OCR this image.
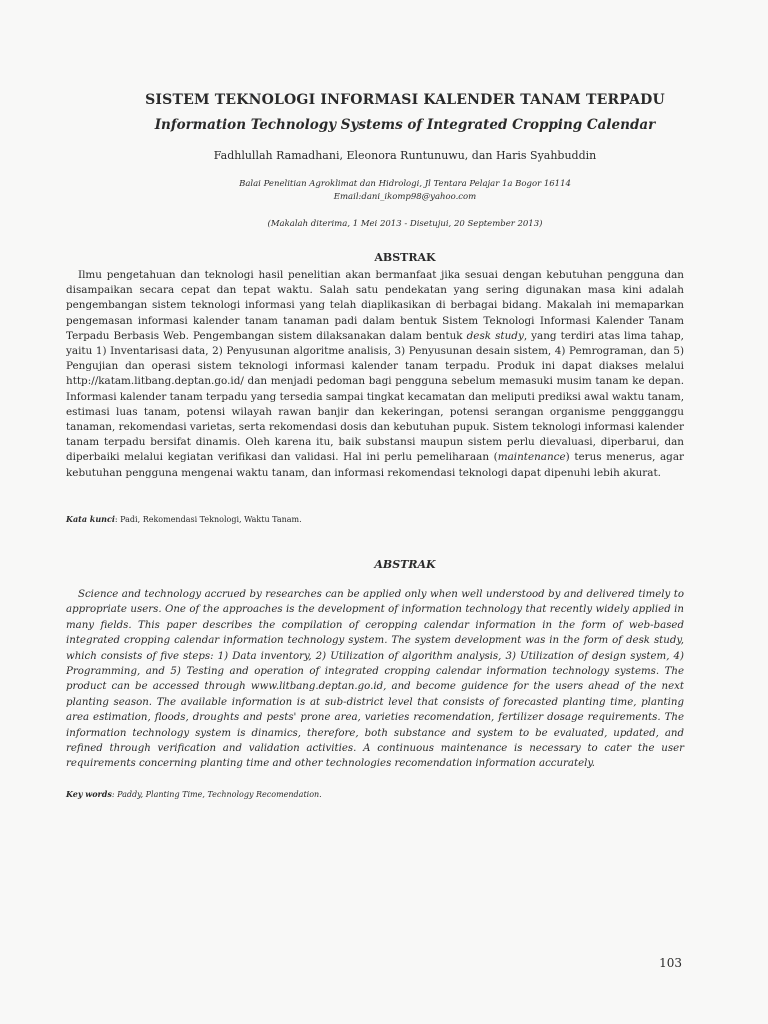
SISTEM TEKNOLOGI INFORMASI KALENDER TANAM TERPADU
Information Technology Systems of Integrated Cropping Calendar
Fadhlullah Ramadhani, Eleonora Runtunuwu, dan Haris Syahbuddin
Balai Penelitian Agroklimat dan Hidrologi, Jl Tentara Pelajar 1a Bogor 16114
Email:dani_ikomp98@yahoo.com
(Makalah diterima, 1 Mei 2013 - Disetujui, 20 September 2013)
ABSTRAK

Ilmu pengetahuan dan teknologi hasil penelitian akan bermanfaat jika sesuai dengan kebutuhan pengguna dan disampaikan secara cepat dan tepat waktu. Salah satu pendekatan yang sering digunakan masa kini adalah pengembangan sistem teknologi informasi yang telah diaplikasikan di berbagai bidang. Makalah ini memaparkan pengemasan informasi kalender tanam tanaman padi dalam bentuk Sistem Teknologi Informasi Kalender Tanam Terpadu Berbasis Web. Pengembangan sistem dilaksanakan dalam bentuk desk study, yang terdiri atas lima tahap, yaitu 1) Inventarisasi data, 2) Penyusunan algoritme analisis, 3) Penyusunan desain sistem, 4) Pemrograman, dan 5) Pengujian dan operasi sistem teknologi informasi kalender tanam terpadu. Produk ini dapat diakses melalui http://katam.litbang.deptan.go.id/ dan menjadi pedoman bagi pengguna sebelum memasuki musim tanam ke depan. Informasi kalender tanam terpadu yang tersedia sampai tingkat kecamatan dan meliputi prediksi awal waktu tanam, estimasi luas tanam, potensi wilayah rawan banjir dan kekeringan, potensi serangan organisme penggganggu tanaman, rekomendasi varietas, serta rekomendasi dosis dan kebutuhan pupuk. Sistem teknologi informasi kalender tanam terpadu bersifat dinamis. Oleh karena itu, baik substansi maupun sistem perlu dievaluasi, diperbarui, dan diperbaiki melalui kegiatan verifikasi dan validasi. Hal ini perlu pemeliharaan (maintenance) terus menerus, agar kebutuhan pengguna mengenai waktu tanam, dan informasi rekomendasi teknologi dapat dipenuhi lebih akurat.

Kata kunci: Padi, Rekomendasi Teknologi, Waktu Tanam.
ABSTRAK

Science and technology accrued by researches can be applied only when well understood by and delivered timely to appropriate users. One of the approaches is the development of information technology that recently widely applied in many fields. This paper describes the compilation of ceropping calendar information in the form of web-based integrated cropping calendar information technology system. The system development was in the form of desk study, which consists of five steps: 1) Data inventory, 2) Utilization of algorithm analysis, 3) Utilization of design system, 4) Programming, and 5) Testing and operation of integrated cropping calendar information technology systems. The product can be accessed through www.litbang.deptan.go.id, and become guidence for the users ahead of the next planting season. The available information is at sub-district level that consists of forecasted planting time, planting area estimation, floods, droughts and pests' prone area, varieties recomendation, fertilizer dosage requirements. The information technology system is dinamics, therefore, both substance and system to be evaluated, updated, and refined through verification and validation activities. A continuous maintenance is necessary to cater the user requirements concerning planting time and other technologies recomendation information accurately.

Key words: Paddy, Planting Time, Technology Recomendation.
103
